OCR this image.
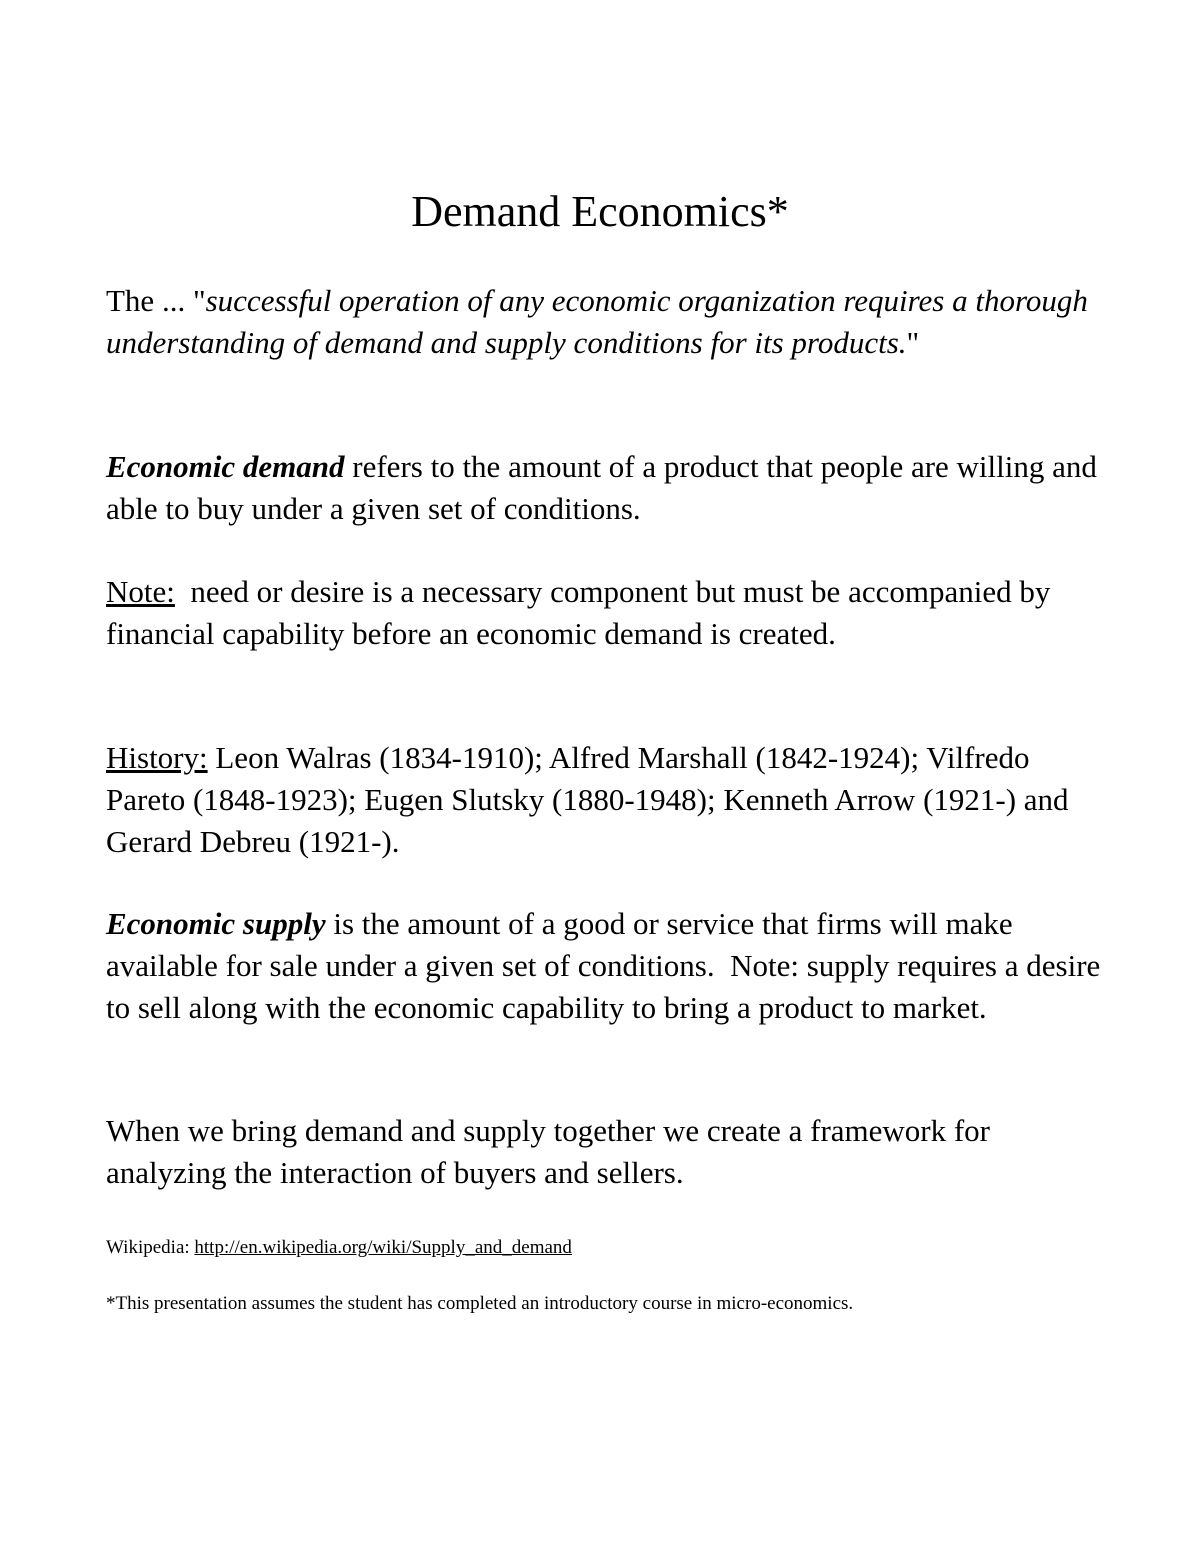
Demand Economics*

The ... "successful operation of any economic organization requires a thorough understanding of demand and supply conditions for its products."

Economic demand refers to the amount of a product that people are willing and able to buy under a given set of conditions.

Note:  need or desire is a necessary component but must be accompanied by financial capability before an economic demand is created.

History: Leon Walras (1834-1910); Alfred Marshall (1842-1924); Vilfredo Pareto (1848-1923); Eugen Slutsky (1880-1948); Kenneth Arrow (1921-) and Gerard Debreu (1921-).

Economic supply is the amount of a good or service that firms will make available for sale under a given set of conditions.  Note: supply requires a desire to sell along with the economic capability to bring a product to market.

When we bring demand and supply together we create a framework for analyzing the interaction of buyers and sellers.

Wikipedia: http://en.wikipedia.org/wiki/Supply_and_demand

*This presentation assumes the student has completed an introductory course in micro-economics.
